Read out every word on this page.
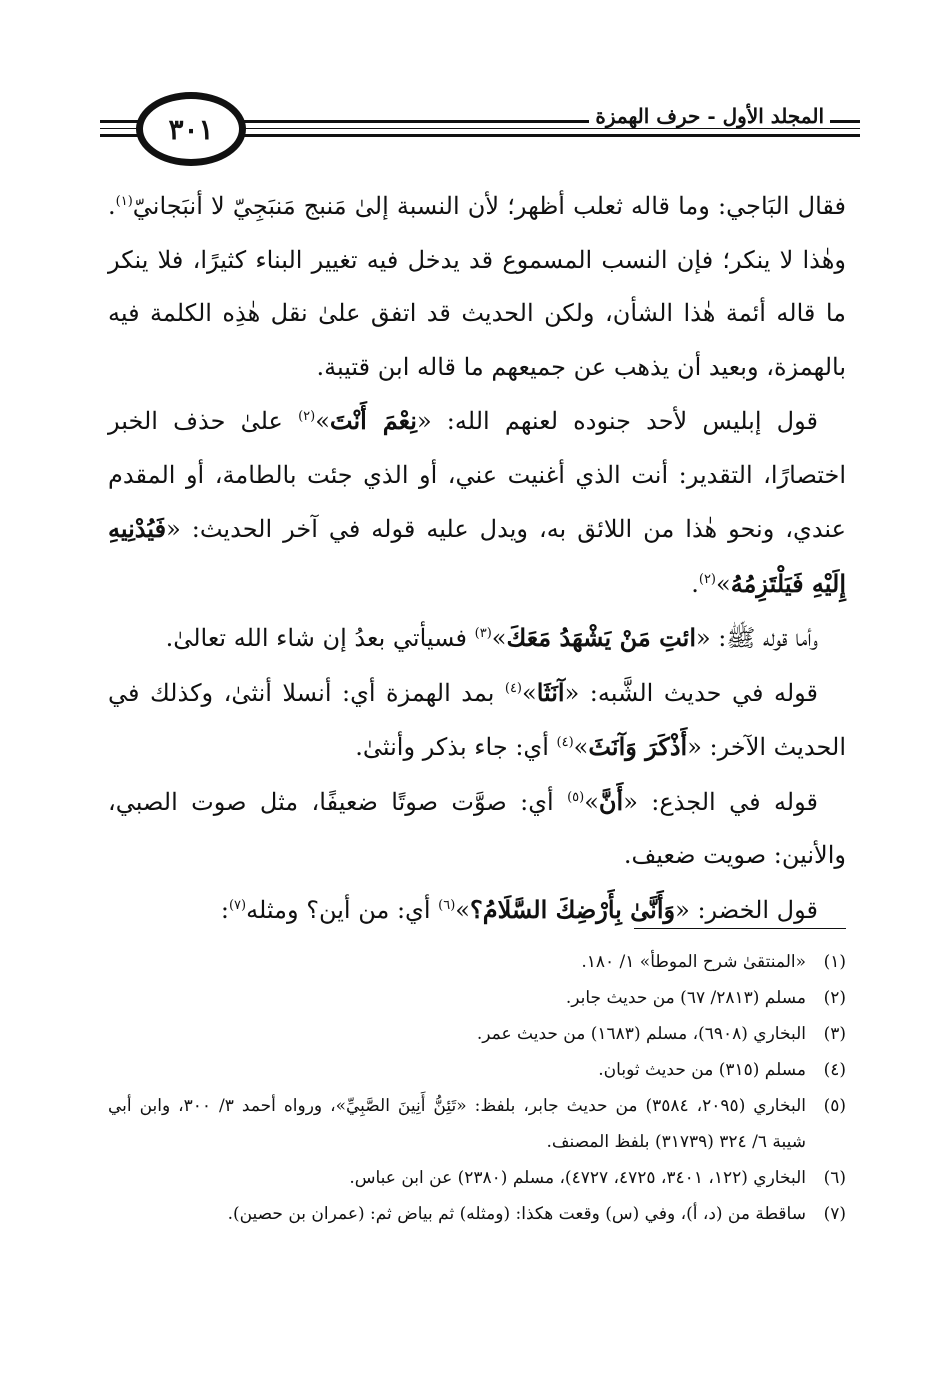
٣٠١	المجلد الأول - حرف الهمزة

فقال البَاجي: وما قاله ثعلب أظهر؛ لأن النسبة إلىٰ مَنبج مَنبَجِيّ لا أنبَجانيّ$^{(١)}$. وهٰذا لا ينكر؛ فإن النسب المسموع قد يدخل فيه تغيير البناء كثيرًا، فلا ينكر ما قاله أئمة هٰذا الشأن، ولكن الحديث قد اتفق علىٰ نقل هٰذِه الكلمة فيه بالهمزة، وبعيد أن يذهب عن جميعهم ما قاله ابن قتيبة.

قول إبليس لأحد جنوده لعنهم الله: «نِعْمَ أَنْتَ»$^{(٢)}$ علىٰ حذف الخبر اختصارًا، التقدير: أنت الذي أغنيت عني، أو الذي جئت بالطامة، أو المقدم عندي، ونحو هٰذا من اللائق به، ويدل عليه قوله في آخر الحديث: «فَيُدْنِيهِ إِلَيْهِ فَيَلْتَزِمُهُ»$^{(٢)}$.

وأما قوله ﷺ: «ائتِ مَنْ يَشْهَدُ مَعَكَ»$^{(٣)}$ فسيأتي بعدُ إن شاء الله تعالىٰ.

قوله في حديث الشَّبه: «آنَثَا»$^{(٤)}$ بمد الهمزة أي: أنسلا أنثىٰ، وكذلك في الحديث الآخر: «أَذْكَرَ وَآنَثَ»$^{(٤)}$ أي: جاء بذكر وأنثىٰ.

قوله في الجذع: «أَنَّ»$^{(٥)}$ أي: صوَّت صوتًا ضعيفًا، مثل صوت الصبي، والأنين: صويت ضعيف.

قول الخضر: «وَأَنَّىٰ بِأَرْضِكَ السَّلَامُ؟»$^{(٦)}$ أي: من أين؟ ومثله$^{(٧)}$:

(١)
«المنتقىٰ شرح الموطأ» ١/ ١٨٠.
(٢)
مسلم (٢٨١٣/ ٦٧) من حديث جابر.
(٣)
البخاري (٦٩٠٨)، مسلم (١٦٨٣) من حديث عمر.
(٤)
مسلم (٣١٥) من حديث ثوبان.
(٥)
البخاري (٢٠٩٥، ٣٥٨٤) من حديث جابر، بلفظ: «تَئِنُّ أَنِينَ الصَّبِيِّ»، ورواه أحمد ٣/ ٣٠٠، وابن أبي شيبة ٦/ ٣٢٤ (٣١٧٣٩) بلفظ المصنف.
(٦)
البخاري (١٢٢، ٣٤٠١، ٤٧٢٥، ٤٧٢٧)، مسلم (٢٣٨٠) عن ابن عباس.
(٧)
ساقطة من (د، أ)، وفي (س) وقعت هكذا: (ومثله) ثم بياض ثم: (عمران بن حصين).
